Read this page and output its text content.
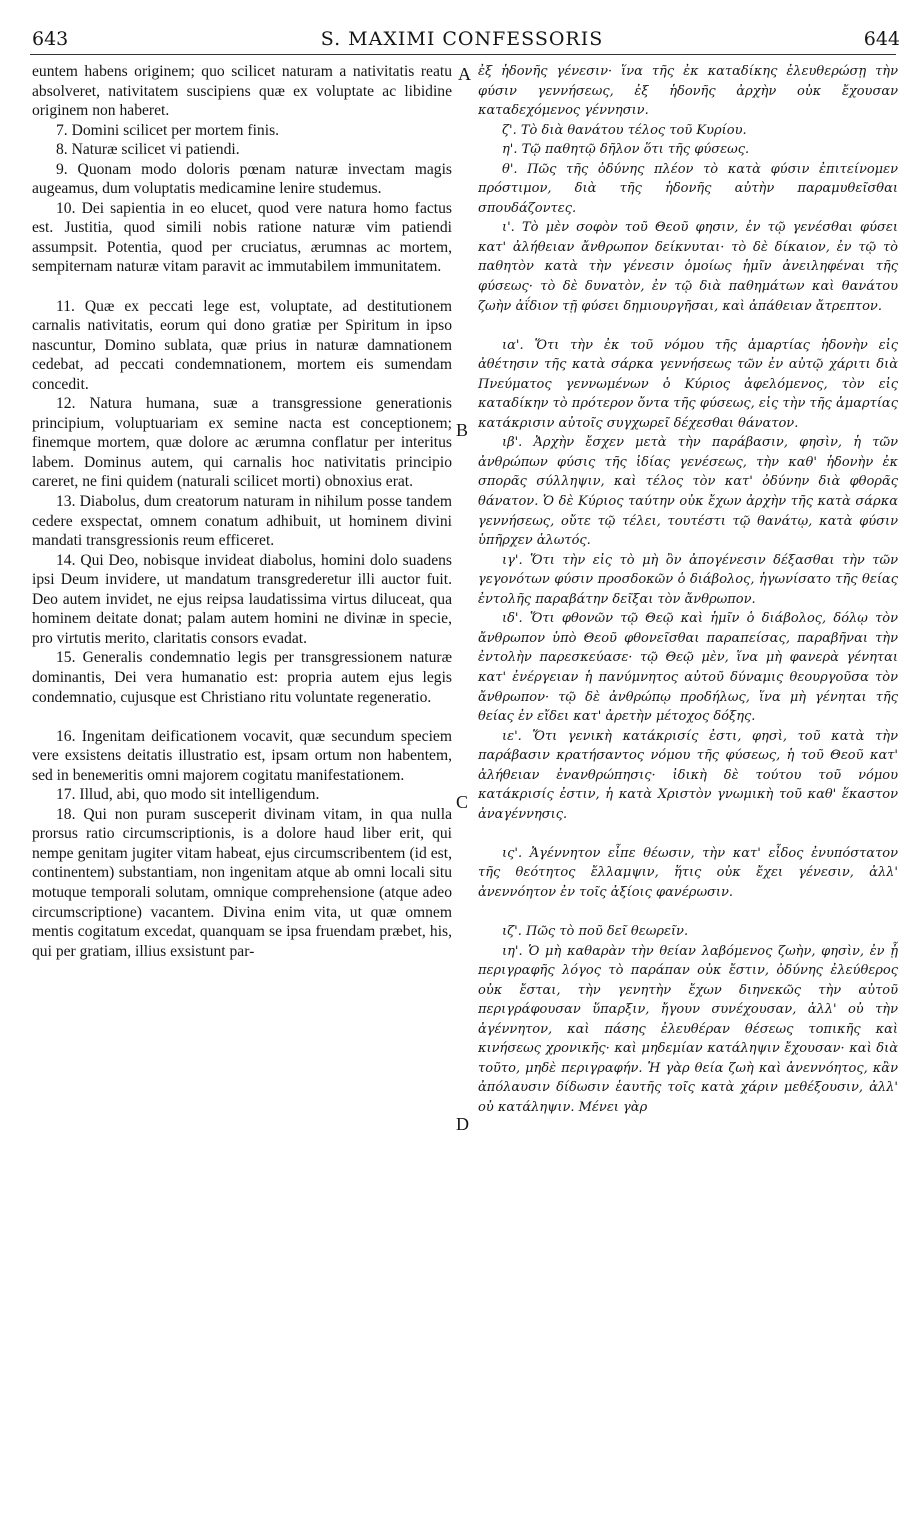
643	S. MAXIMI CONFESSORIS	644

euntem habens originem; quo scilicet naturam a nativitatis reatu absolveret, nativitatem suscipiens quæ ex voluptate ac libidine originem non haberet.

7. Domini scilicet per mortem finis.

8. Naturæ scilicet vi patiendi.

9. Quonam modo doloris pœnam naturæ invectam magis augeamus, dum voluptatis medicamine lenire studemus.

10. Dei sapientia in eo elucet, quod vere natura homo factus est. Justitia, quod simili nobis ratione naturæ vim patiendi assumpsit. Potentia, quod per cruciatus, ærumnas ac mortem, sempiternam naturæ vitam paravit ac immutabilem immunitatem.

11. Quæ ex peccati lege est, voluptate, ad destitutionem carnalis nativitatis, eorum qui dono gratiæ per Spiritum in ipso nascuntur, Domino sublata, quæ prius in naturæ damnationem cedebat, ad peccati condemnationem, mortem eis sumendam concedit.

12. Natura humana, suæ a transgressione generationis principium, voluptuariam ex semine nacta est conceptionem; finemque mortem, quæ dolore ac ærumna conflatur per interitus labem. Dominus autem, qui carnalis hoc nativitatis principio careret, ne fini quidem (naturali scilicet morti) obnoxius erat.

13. Diabolus, dum creatorum naturam in nihilum posse tandem cedere exspectat, omnem conatum adhibuit, ut hominem divini mandati transgressionis reum efficeret.

14. Qui Deo, nobisque invideat diabolus, homini dolo suadens ipsi Deum invidere, ut mandatum transgrederetur illi auctor fuit. Deo autem invidet, ne ejus reipsa laudatissima virtus diluceat, qua hominem deitate donat; palam autem homini ne divinæ in specie, pro virtutis merito, claritatis consors evadat.

15. Generalis condemnatio legis per transgressionem naturæ dominantis, Dei vera humanatio est: propria autem ejus legis condemnatio, cujusque est Christiano ritu voluntate regeneratio.

16. Ingenitam deificationem vocavit, quæ secundum speciem vere exsistens deitatis illustratio est, ipsam ortum non habentem, sed in beneмeritis omni majorem cogitatu manifestationem.

17. Illud, abi, quo modo sit intelligendum.

18. Qui non puram susceperit divinam vitam, in qua nulla prorsus ratio circumscriptionis, is a dolore haud liber erit, qui nempe genitam jugiter vitam habeat, ejus circumscribentem (id est, continentem) substantiam, non ingenitam atque ab omni locali situ motuque temporali solutam, omnique comprehensione (atque adeo circumscriptione) vacantem. Divina enim vita, ut quæ omnem mentis cogitatum excedat, quanquam se ipsa fruendam præbet, his, qui per gratiam, illius exsistunt par-

ἐξ ἡδονῆς γένεσιν· ἵνα τῆς ἐκ καταδίκης ἐλευθερώσῃ τὴν φύσιν γεννήσεως, ἐξ ἡδονῆς ἀρχὴν οὐκ ἔχουσαν καταδεχόμενος γέννησιν.

ζ'. Τὸ διὰ θανάτου τέλος τοῦ Κυρίου.

η'. Τῷ παθητῷ δῆλον ὅτι τῆς φύσεως.

θ'. Πῶς τῆς ὀδύνης πλέον τὸ κατὰ φύσιν ἐπιτείνομεν πρόστιμον, διὰ τῆς ἡδονῆς αὐτὴν παραμυθεῖσθαι σπουδάζοντες.

ι'. Τὸ μὲν σοφὸν τοῦ Θεοῦ φησιν, ἐν τῷ γενέσθαι φύσει κατ' ἀλήθειαν ἄνθρωπον δείκνυται· τὸ δὲ δίκαιον, ἐν τῷ τὸ παθητὸν κατὰ τὴν γένεσιν ὁμοίως ἡμῖν ἀνειληφέναι τῆς φύσεως· τὸ δὲ δυνατὸν, ἐν τῷ διὰ παθημάτων καὶ θανάτου ζωὴν ἀΐδιον τῇ φύσει δημιουργῆσαι, καὶ ἀπάθειαν ἄτρεπτον.

ια'. Ὅτι τὴν ἐκ τοῦ νόμου τῆς ἁμαρτίας ἡδονὴν εἰς ἀθέτησιν τῆς κατὰ σάρκα γεννήσεως τῶν ἐν αὐτῷ χάριτι διὰ Πνεύματος γεννωμένων ὁ Κύριος ἀφελόμενος, τὸν εἰς καταδίκην τὸ πρότερον ὄντα τῆς φύσεως, εἰς τὴν τῆς ἁμαρτίας κατάκρισιν αὐτοῖς συγχωρεῖ δέχεσθαι θάνατον.

ιβ'. Ἀρχὴν ἔσχεν μετὰ τὴν παράβασιν, φησὶν, ἡ τῶν ἀνθρώπων φύσις τῆς ἰδίας γενέσεως, τὴν καθ' ἡδονὴν ἐκ σπορᾶς σύλληψιν, καὶ τέλος τὸν κατ' ὀδύνην διὰ φθορᾶς θάνατον. Ὁ δὲ Κύριος ταύτην οὐκ ἔχων ἀρχὴν τῆς κατὰ σάρκα γεννήσεως, οὔτε τῷ τέλει, τουτέστι τῷ θανάτῳ, κατὰ φύσιν ὑπῆρχεν ἁλωτός.

ιγ'. Ὅτι τὴν εἰς τὸ μὴ ὂν ἀπογένεσιν δέξασθαι τὴν τῶν γεγονότων φύσιν προσδοκῶν ὁ διάβολος, ἠγωνίσατο τῆς θείας ἐντολῆς παραβάτην δεῖξαι τὸν ἄνθρωπον.

ιδ'. Ὅτι φθονῶν τῷ Θεῷ καὶ ἡμῖν ὁ διάβολος, δόλῳ τὸν ἄνθρωπον ὑπὸ Θεοῦ φθονεῖσθαι παραπείσας, παραβῆναι τὴν ἐντολὴν παρεσκεύασε· τῷ Θεῷ μὲν, ἵνα μὴ φανερὰ γένηται κατ' ἐνέργειαν ἡ πανύμνητος αὐτοῦ δύναμις θεουργοῦσα τὸν ἄνθρωπον· τῷ δὲ ἀνθρώπῳ προδήλως, ἵνα μὴ γένηται τῆς θείας ἐν εἴδει κατ' ἀρετὴν μέτοχος δόξης.

ιε'. Ὅτι γενικὴ κατάκρισίς ἐστι, φησὶ, τοῦ κατὰ τὴν παράβασιν κρατήσαντος νόμου τῆς φύσεως, ἡ τοῦ Θεοῦ κατ' ἀλήθειαν ἐνανθρώπησις· ἰδικὴ δὲ τούτου τοῦ νόμου κατάκρισίς ἐστιν, ἡ κατὰ Χριστὸν γνωμικὴ τοῦ καθ' ἕκαστον ἀναγέννησις.

ις'. Ἀγέννητον εἶπε θέωσιν, τὴν κατ' εἶδος ἐνυπόστατον τῆς θεότητος ἔλλαμψιν, ἥτις οὐκ ἔχει γένεσιν, ἀλλ' ἀνεννόητον ἐν τοῖς ἀξίοις φανέρωσιν.

ιζ'. Πῶς τὸ ποῦ δεῖ θεωρεῖν.

ιη'. Ὁ μὴ καθαρὰν τὴν θείαν λαβόμενος ζωὴν, φησὶν, ἐν ᾗ περιγραφῆς λόγος τὸ παράπαν οὐκ ἔστιν, ὀδύνης ἐλεύθερος οὐκ ἔσται, τὴν γενητὴν ἔχων διηνεκῶς τὴν αὐτοῦ περιγράφουσαν ὕπαρξιν, ἤγουν συνέχουσαν, ἀλλ' οὐ τὴν ἀγέννητον, καὶ πάσης ἐλευθέραν θέσεως τοπικῆς καὶ κινήσεως χρονικῆς· καὶ μηδεμίαν κατάληψιν ἔχουσαν· καὶ διὰ τοῦτο, μηδὲ περιγραφήν. Ἡ γὰρ θεία ζωὴ καὶ ἀνεννόητος, κἂν ἀπόλαυσιν δίδωσιν ἑαυτῆς τοῖς κατὰ χάριν μεθέξουσιν, ἀλλ' οὐ κατάληψιν. Μένει γὰρ

A
B
C
D
